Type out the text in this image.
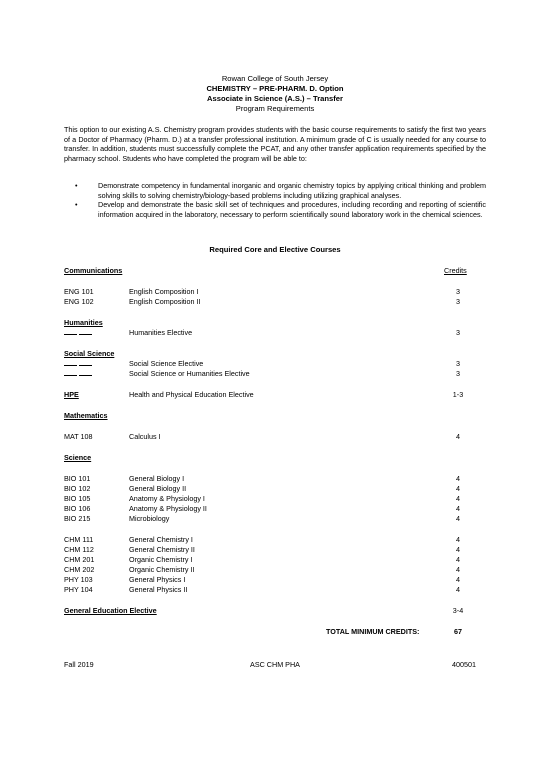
Rowan College of South Jersey
CHEMISTRY – PRE-PHARM. D. Option
Associate in Science (A.S.) – Transfer
Program Requirements
This option to our existing A.S. Chemistry program provides students with the basic course requirements to satisfy the first two years of a Doctor of Pharmacy (Pharm. D.) at a transfer professional institution. A minimum grade of C is usually needed for any course to transfer. In addition, students must successfully complete the PCAT, and any other transfer application requirements specified by the pharmacy school. Students who have completed the program will be able to:
•	Demonstrate competency in fundamental inorganic and organic chemistry topics by applying critical thinking and problem solving skills to solving chemistry/biology-based problems including utilizing graphical analyses.
•	Develop and demonstrate the basic skill set of techniques and procedures, including recording and reporting of scientific information acquired in the laboratory, necessary to perform scientifically sound laboratory work in the chemical sciences.
Required Core and Elective Courses
Communications	Credits
ENG 101	English Composition I	3
ENG 102	English Composition II	3
Humanities
Humanities Elective	3
Social Science
Social Science Elective	3
Social Science or Humanities Elective	3
HPE	Health and Physical Education Elective	1-3
Mathematics
MAT 108	Calculus I	4
Science
BIO 101	General Biology I	4
BIO 102	General Biology II	4
BIO 105	Anatomy & Physiology I	4
BIO 106	Anatomy & Physiology II	4
BIO 215	Microbiology	4
CHM 111	General Chemistry I	4
CHM 112	General Chemistry II	4
CHM 201	Organic Chemistry I	4
CHM 202	Organic Chemistry II	4
PHY 103	General Physics I	4
PHY 104	General Physics II	4
General Education Elective	3-4
TOTAL MINIMUM CREDITS:	67
Fall 2019	ASC CHM PHA	400501
